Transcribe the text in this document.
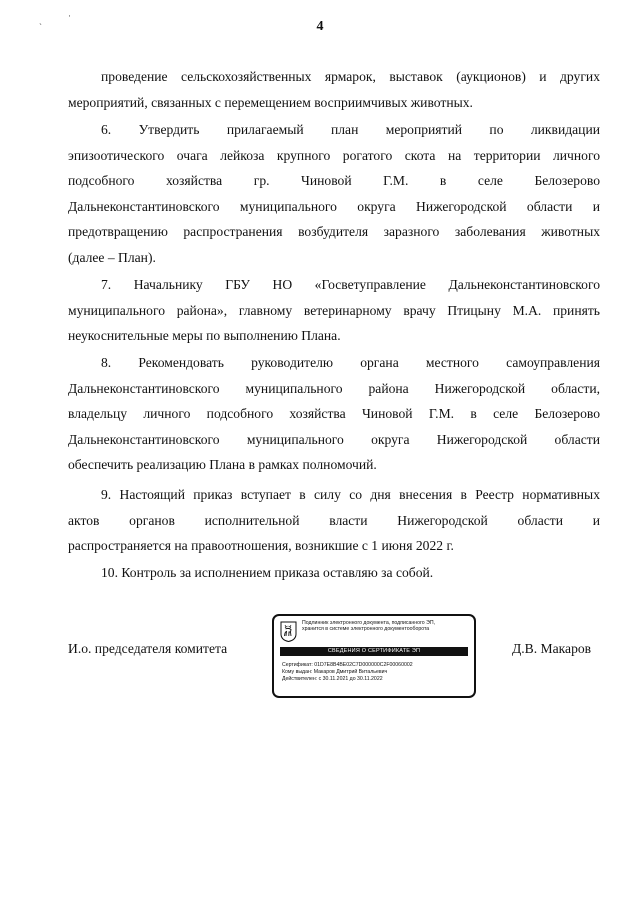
4
ˏ	·
проведение сельскохозяйственных ярмарок, выставок (аукционов) и других
мероприятий, связанных с перемещением восприимчивых животных.
6. Утвердить прилагаемый план мероприятий по ликвидации
эпизоотического очага лейкоза крупного рогатого скота на территории личного
подсобного хозяйства гр. Чиновой Г.М. в селе Белозерово
Дальнеконстантиновского муниципального округа Нижегородской области и
предотвращению распространения возбудителя заразного заболевания животных
(далее – План).
7. Начальнику ГБУ НО «Госветуправление Дальнеконстантиновского
муниципального района», главному ветеринарному врачу Птицыну М.А. принять
неукоснительные меры по выполнению Плана.
8. Рекомендовать руководителю органа местного самоуправления
Дальнеконстантиновского муниципального района Нижегородской области,
владельцу личного подсобного хозяйства Чиновой Г.М. в селе Белозерово
Дальнеконстантиновского муниципального округа Нижегородской области
обеспечить реализацию Плана в рамках полномочий.
9. Настоящий приказ вступает в силу со дня внесения в Реестр нормативных
актов органов исполнительной власти Нижегородской области и
распространяется на правоотношения, возникшие с 1 июня 2022 г.
10. Контроль за исполнением приказа оставляю за собой.
И.о. председателя комитета
Подлинник электронного документа, подписанного ЭП,
хранится в системе электронного документооборота
СВЕДЕНИЯ О СЕРТИФИКАТЕ ЭП
Сертификат: 01D7E8B4BE02C7D000000C2F00060002
Кому выдан: Макаров Дмитрий Витальевич
Действителен: с 30.11.2021 до 30.11.2022
Д.В. Макаров
